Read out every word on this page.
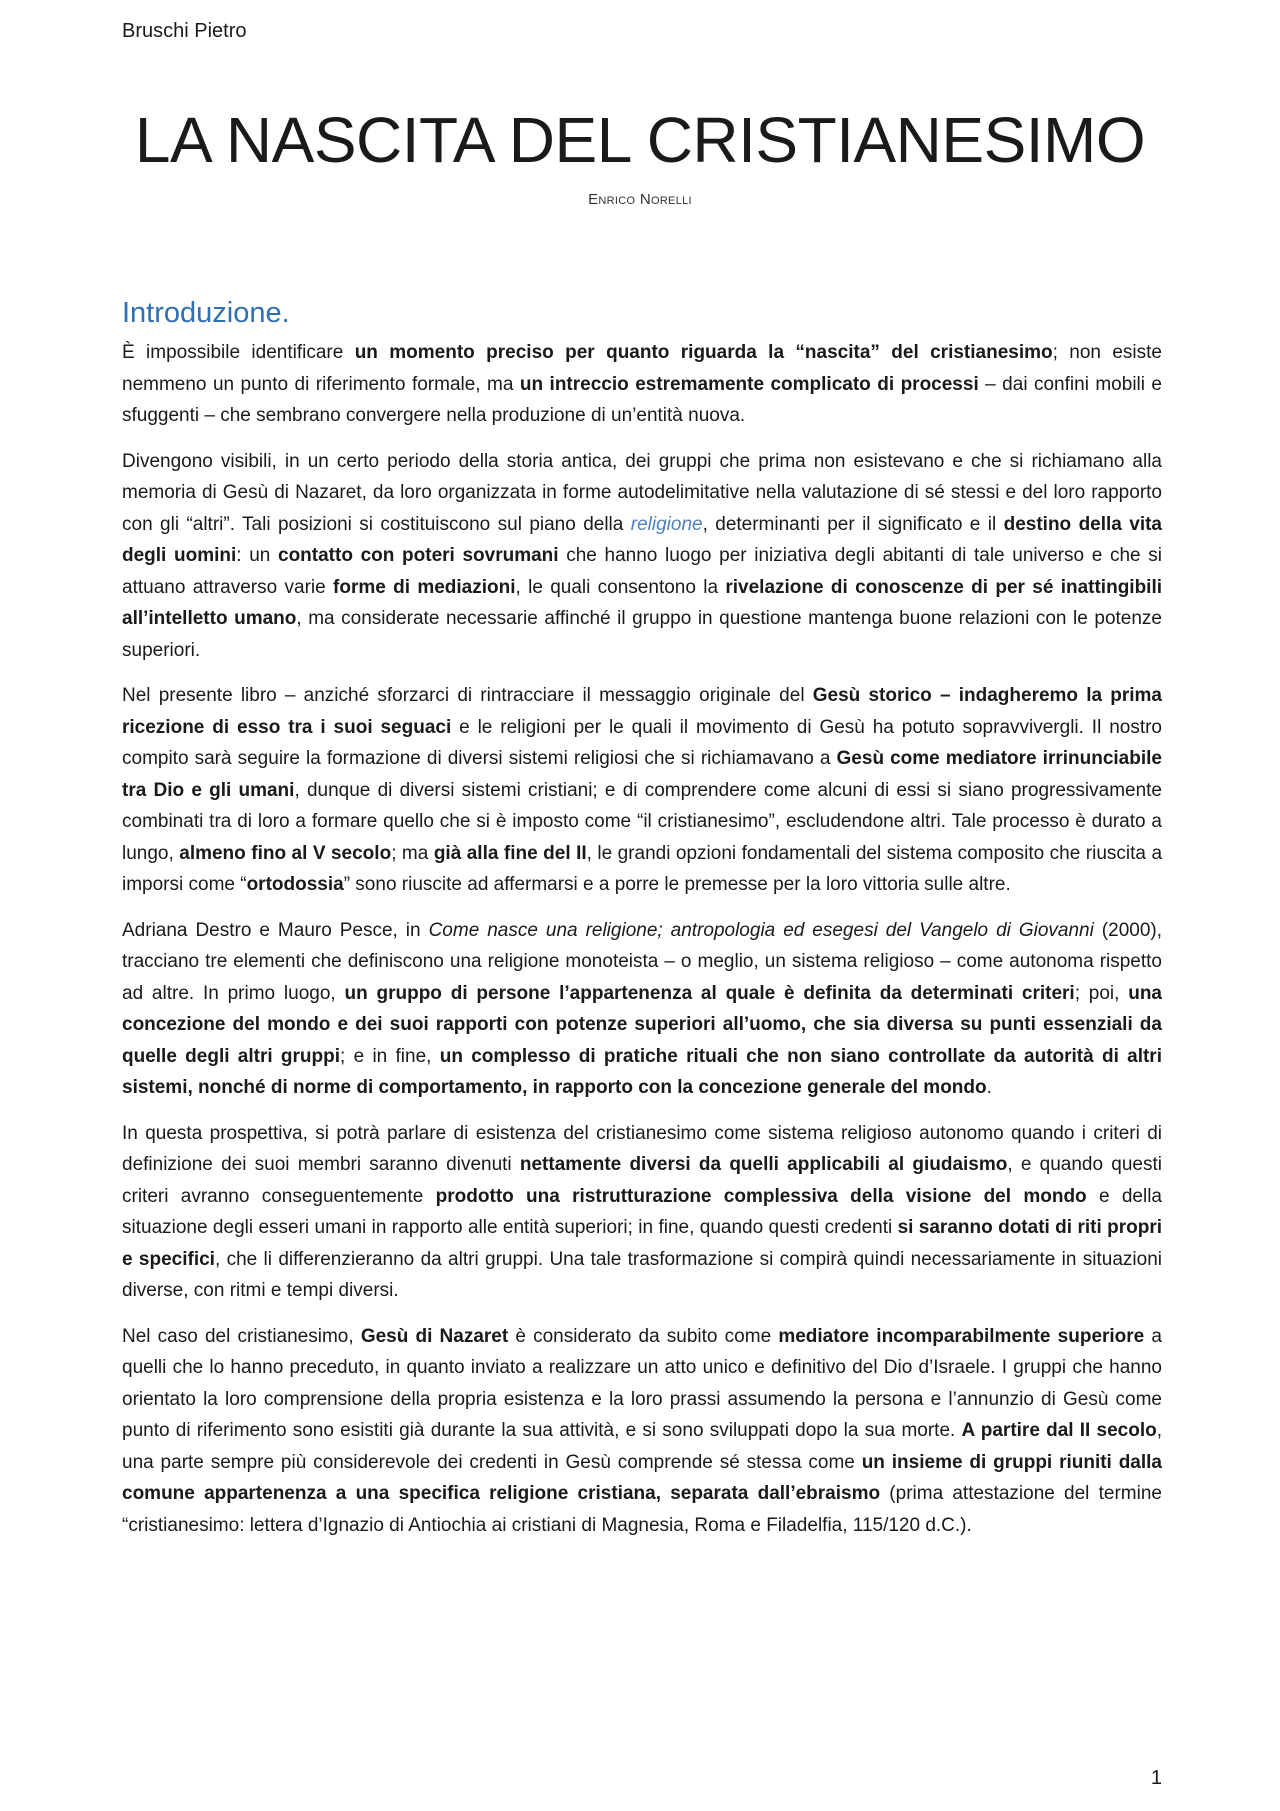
Bruschi Pietro
LA NASCITA DEL CRISTIANESIMO
Enrico Norelli
Introduzione.

È impossibile identificare un momento preciso per quanto riguarda la “nascita” del cristianesimo; non esiste nemmeno un punto di riferimento formale, ma un intreccio estremamente complicato di processi – dai confini mobili e sfuggenti – che sembrano convergere nella produzione di un’entità nuova.

Divengono visibili, in un certo periodo della storia antica, dei gruppi che prima non esistevano e che si richiamano alla memoria di Gesù di Nazaret, da loro organizzata in forme autodelimitative nella valutazione di sé stessi e del loro rapporto con gli “altri”. Tali posizioni si costituiscono sul piano della religione, determinanti per il significato e il destino della vita degli uomini: un contatto con poteri sovrumani che hanno luogo per iniziativa degli abitanti di tale universo e che si attuano attraverso varie forme di mediazioni, le quali consentono la rivelazione di conoscenze di per sé inattingibili all’intelletto umano, ma considerate necessarie affinché il gruppo in questione mantenga buone relazioni con le potenze superiori.

Nel presente libro – anziché sforzarci di rintracciare il messaggio originale del Gesù storico – indagheremo la prima ricezione di esso tra i suoi seguaci e le religioni per le quali il movimento di Gesù ha potuto sopravvivergli. Il nostro compito sarà seguire la formazione di diversi sistemi religiosi che si richiamavano a Gesù come mediatore irrinunciabile tra Dio e gli umani, dunque di diversi sistemi cristiani; e di comprendere come alcuni di essi si siano progressivamente combinati tra di loro a formare quello che si è imposto come “il cristianesimo”, escludendone altri. Tale processo è durato a lungo, almeno fino al V secolo; ma già alla fine del II, le grandi opzioni fondamentali del sistema composito che riuscita a imporsi come “ortodossia” sono riuscite ad affermarsi e a porre le premesse per la loro vittoria sulle altre.

Adriana Destro e Mauro Pesce, in Come nasce una religione; antropologia ed esegesi del Vangelo di Giovanni (2000), tracciano tre elementi che definiscono una religione monoteista – o meglio, un sistema religioso – come autonoma rispetto ad altre. In primo luogo, un gruppo di persone l’appartenenza al quale è definita da determinati criteri; poi, una concezione del mondo e dei suoi rapporti con potenze superiori all’uomo, che sia diversa su punti essenziali da quelle degli altri gruppi; e in fine, un complesso di pratiche rituali che non siano controllate da autorità di altri sistemi, nonché di norme di comportamento, in rapporto con la concezione generale del mondo.

In questa prospettiva, si potrà parlare di esistenza del cristianesimo come sistema religioso autonomo quando i criteri di definizione dei suoi membri saranno divenuti nettamente diversi da quelli applicabili al giudaismo, e quando questi criteri avranno conseguentemente prodotto una ristrutturazione complessiva della visione del mondo e della situazione degli esseri umani in rapporto alle entità superiori; in fine, quando questi credenti si saranno dotati di riti propri e specifici, che li differenzieranno da altri gruppi. Una tale trasformazione si compirà quindi necessariamente in situazioni diverse, con ritmi e tempi diversi.

Nel caso del cristianesimo, Gesù di Nazaret è considerato da subito come mediatore incomparabilmente superiore a quelli che lo hanno preceduto, in quanto inviato a realizzare un atto unico e definitivo del Dio d’Israele. I gruppi che hanno orientato la loro comprensione della propria esistenza e la loro prassi assumendo la persona e l’annunzio di Gesù come punto di riferimento sono esistiti già durante la sua attività, e si sono sviluppati dopo la sua morte. A partire dal II secolo, una parte sempre più considerevole dei credenti in Gesù comprende sé stessa come un insieme di gruppi riuniti dalla comune appartenenza a una specifica religione cristiana, separata dall’ebraismo (prima attestazione del termine “cristianesimo: lettera d’Ignazio di Antiochia ai cristiani di Magnesia, Roma e Filadelfia, 115/120 d.C.).

1
